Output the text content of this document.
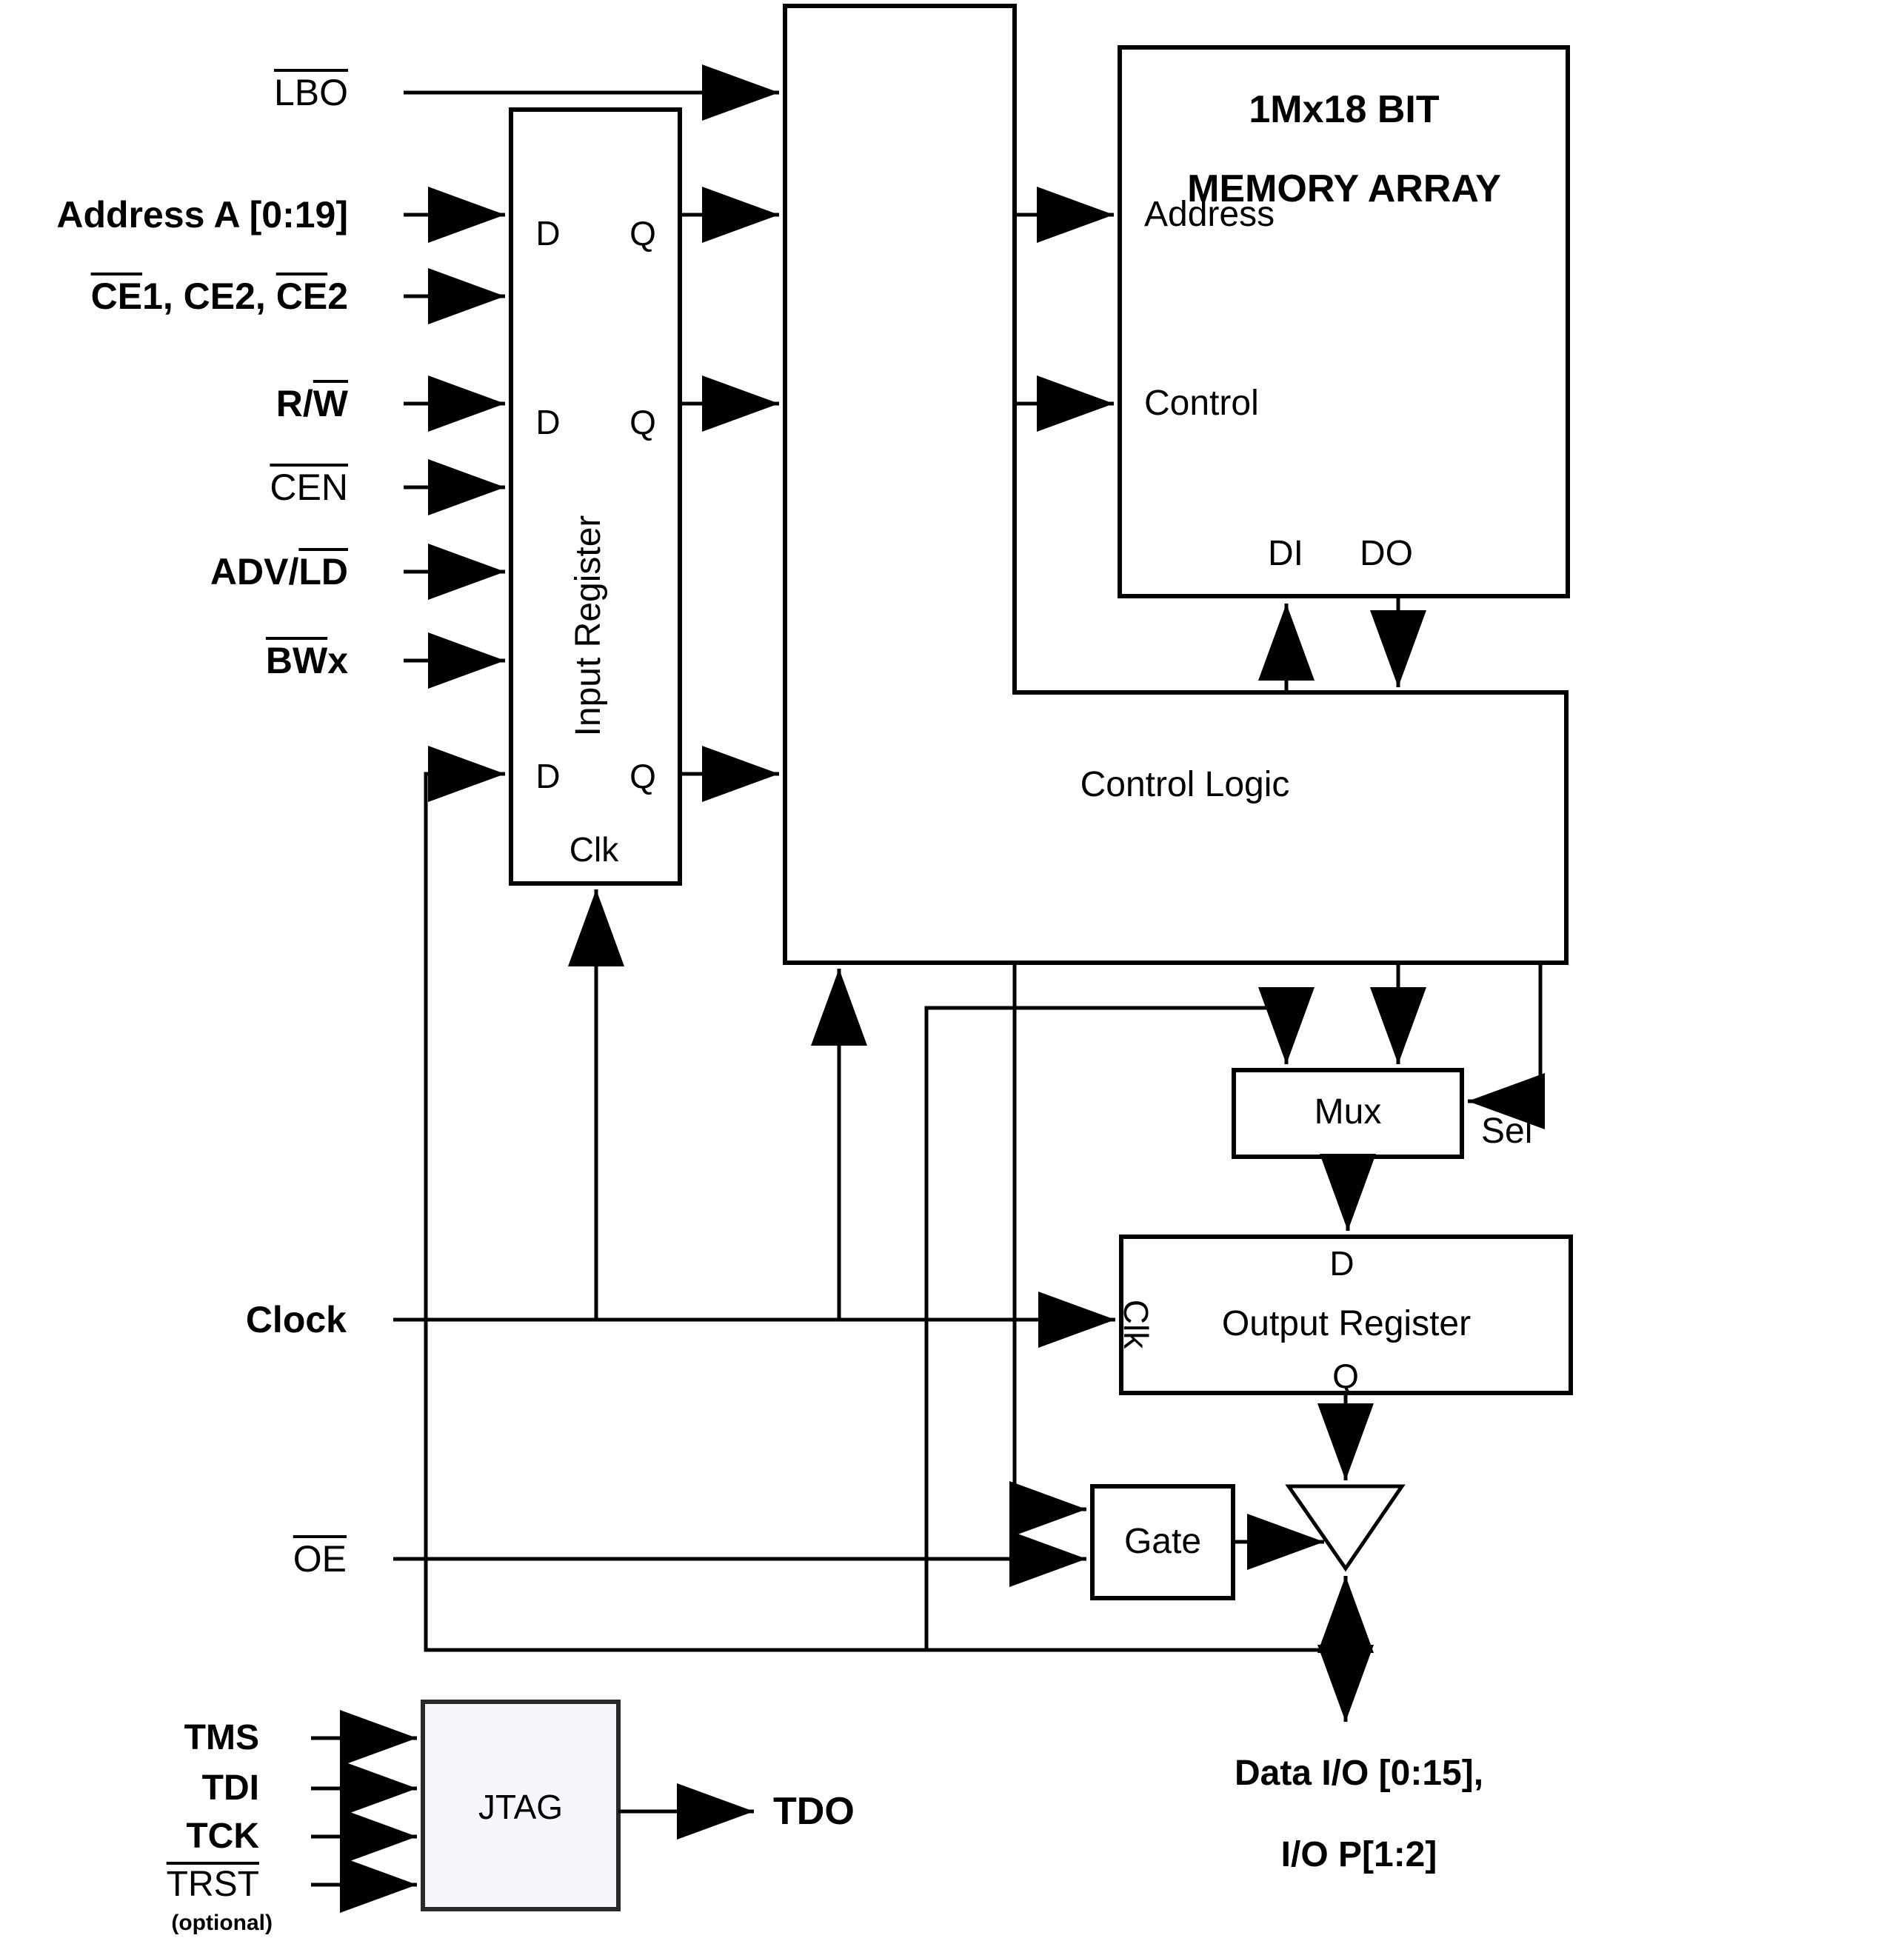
$\overline{LBO}$
Address A [0:19]
$\overline{CE}1$, CE2, $\overline{CE}2$
$R/\overline{W}$
$\overline{CEN}$
ADV/$\overline{LD}$
$\overline{BW}x$
Clock
$\overline{OE}$
Input Register
D Q
D Q
D Q
Clk
Control Logic
1Mx18 BIT
MEMORY ARRAY
Address
Control
DI DO
Mux	Sel
D
Output Register
Q
Clk
Gate
JTAG
TMS
TDI
TCK
TRST
(optional)
TDO
Data I/O [0:15],
I/O P[1:2]
